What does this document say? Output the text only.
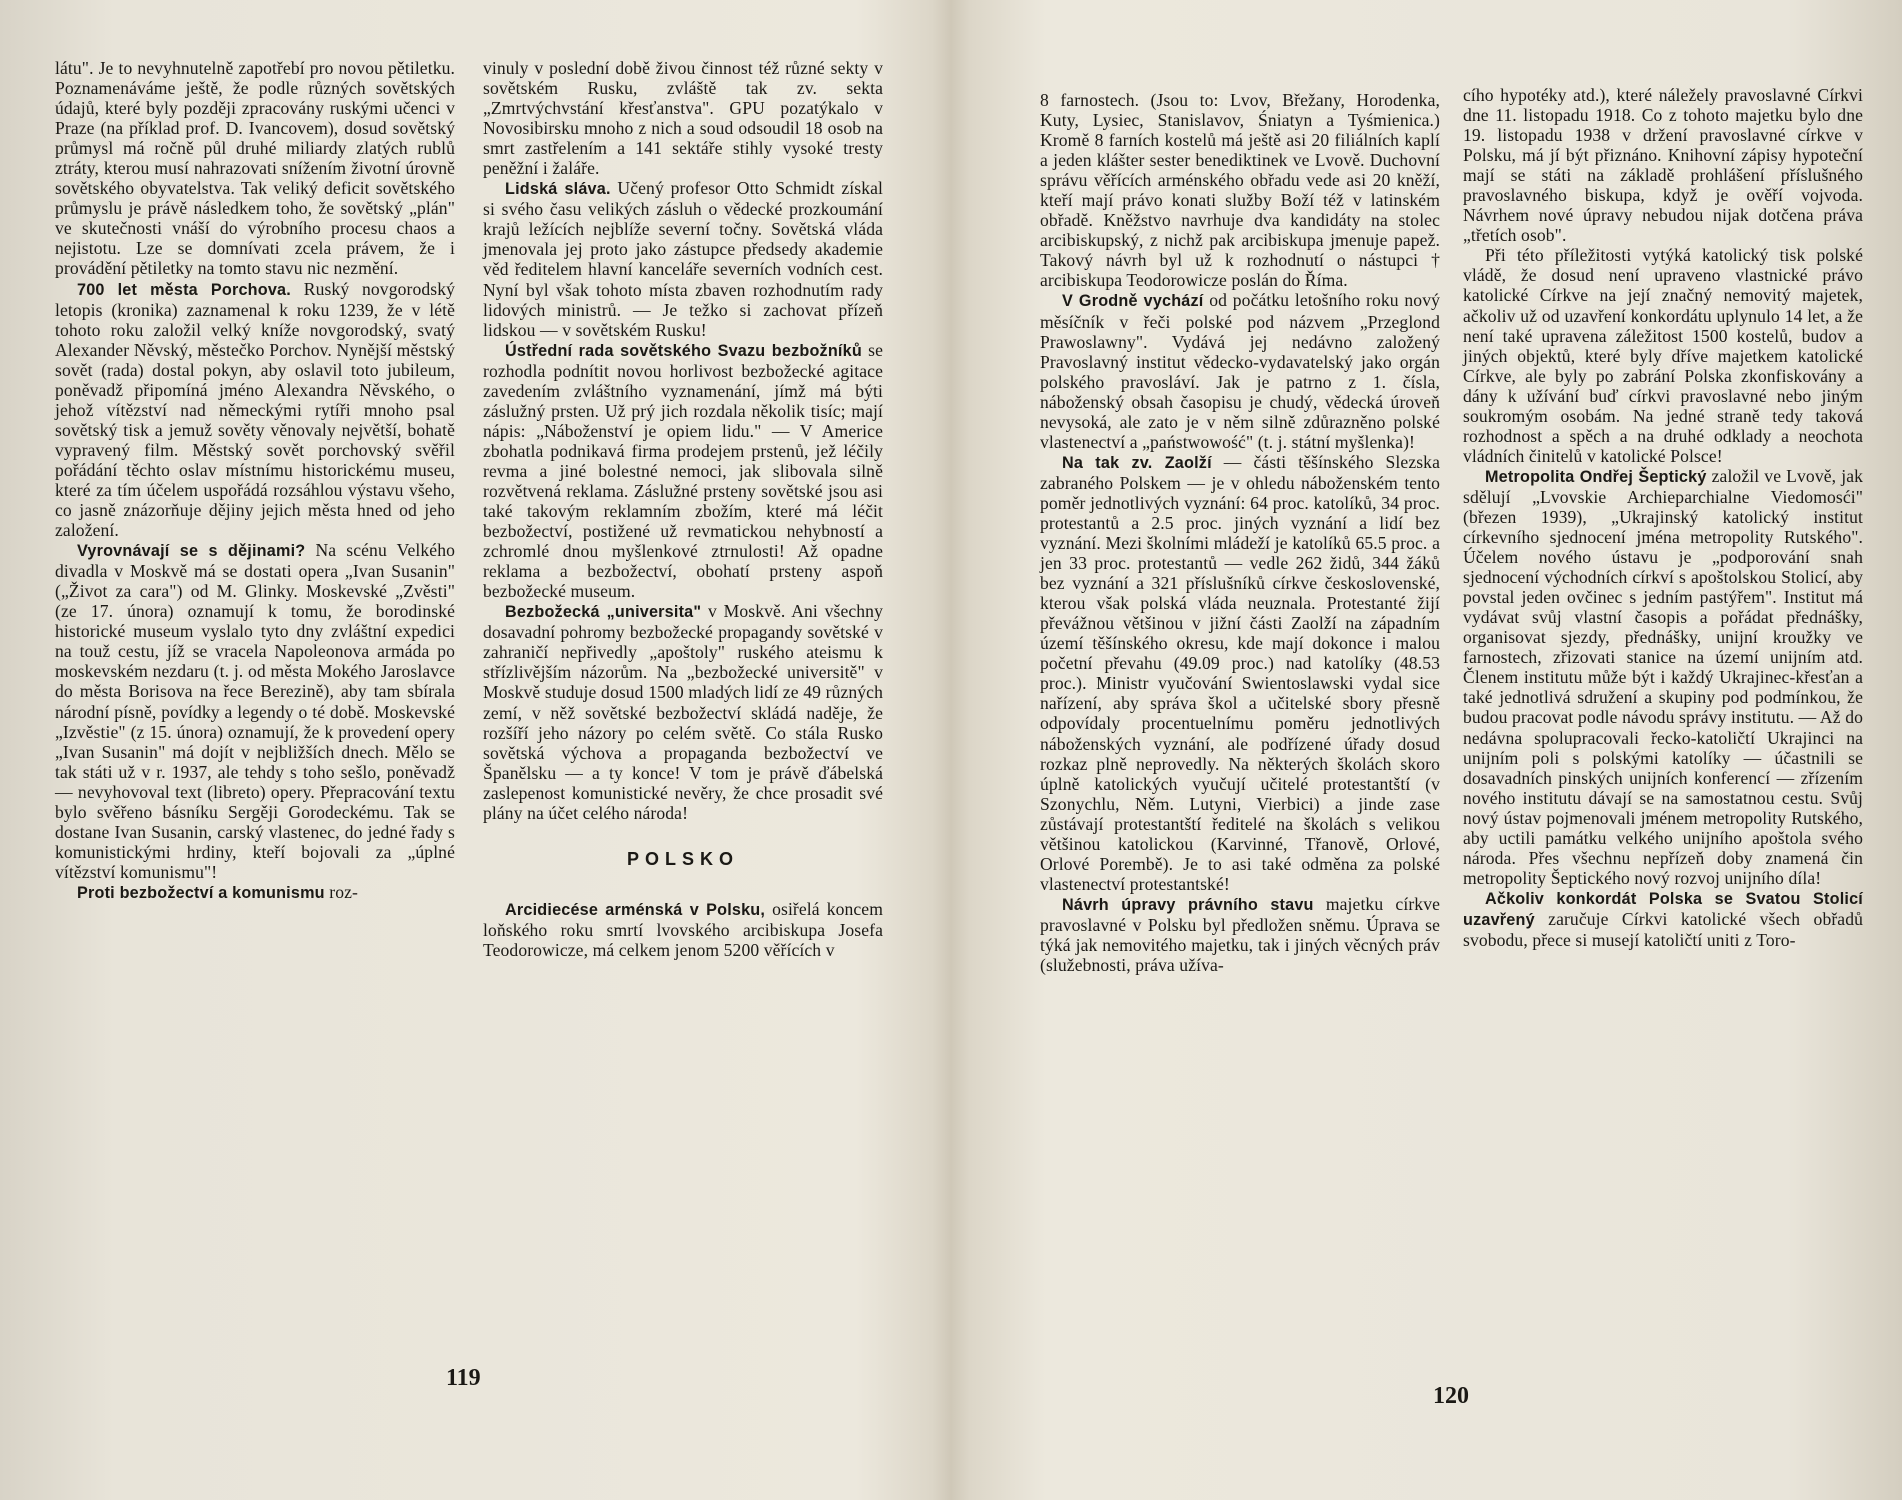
látu". Je to nevyhnutelně zapotřebí pro novou pětiletku. Poznamenáváme ještě, že podle různých sovětských údajů, které byly později zpracovány ruskými učenci v Praze (na příklad prof. D. Ivancovem), dosud sovětský průmysl má ročně půl druhé miliardy zlatých rublů ztráty, kterou musí nahrazovati snížením životní úrovně sovětského obyvatelstva. Tak veliký deficit sovětského průmyslu je právě následkem toho, že sovětský „plán" ve skutečnosti vnáší do výrobního procesu chaos a nejistotu. Lze se domnívati zcela právem, že i provádění pětiletky na tomto stavu nic nezmění.

700 let města Porchova. Ruský novgorodský letopis (kronika) zaznamenal k roku 1239, že v létě tohoto roku založil velký kníže novgorodský, svatý Alexander Něvský, městečko Porchov. Nynější městský sovět (rada) dostal pokyn, aby oslavil toto jubileum, poněvadž připomíná jméno Alexandra Něvského, o jehož vítězství nad německými rytíři mnoho psal sovětský tisk a jemuž sověty věnovaly největší, bohatě vypravený film. Městský sovět porchovský svěřil pořádání těchto oslav místnímu historickému museu, které za tím účelem uspořádá rozsáhlou výstavu všeho, co jasně znázorňuje dějiny jejich města hned od jeho založení.

Vyrovnávají se s dějinami? Na scénu Velkého divadla v Moskvě má se dostati opera „Ivan Susanin" („Život za cara") od M. Glinky. Moskevské „Zvěsti" (ze 17. února) oznamují k tomu, že borodinské historické museum vyslalo tyto dny zvláštní expedici na touž cestu, jíž se vracela Napoleonova armáda po moskevském nezdaru (t. j. od města Mokého Jaroslavce do města Borisova na řece Berezině), aby tam sbírala národní písně, povídky a legendy o té době. Moskevské „Izvěstie" (z 15. února) oznamují, že k provedení opery „Ivan Susanin" má dojít v nejbližších dnech. Mělo se tak státi už v r. 1937, ale tehdy s toho sešlo, poněvadž — nevyhovoval text (libreto) opery. Přepracování textu bylo svěřeno básníku Sergěji Gorodeckému. Tak se dostane Ivan Susanin, carský vlastenec, do jedné řady s komunistickými hrdiny, kteří bojovali za „úplné vítězství komunismu"!

Proti bezbožectví a komunismu roz-

vinuly v poslední době živou činnost též různé sekty v sovětském Rusku, zvláště tak zv. sekta „Zmrtvýchvstání křesťanstva". GPU pozatýkalo v Novosibirsku mnoho z nich a soud odsoudil 18 osob na smrt zastřelením a 141 sektáře stihly vysoké tresty peněžní i žaláře.

Lidská sláva. Učený profesor Otto Schmidt získal si svého času velikých zásluh o vědecké prozkoumání krajů ležících nejblíže severní točny. Sovětská vláda jmenovala jej proto jako zástupce předsedy akademie věd ředitelem hlavní kanceláře severních vodních cest. Nyní byl však tohoto místa zbaven rozhodnutím rady lidových ministrů. — Je težko si zachovat přízeň lidskou — v sovětském Rusku!

Ústřední rada sovětského Svazu bezbožníků se rozhodla podnítit novou horlivost bezbožecké agitace zavedením zvláštního vyznamenání, jímž má býti záslužný prsten. Už prý jich rozdala několik tisíc; mají nápis: „Náboženství je opiem lidu." — V Americe zbohatla podnikavá firma prodejem prstenů, jež léčily revma a jiné bolestné nemoci, jak slibovala silně rozvětvená reklama. Záslužné prsteny sovětské jsou asi také takovým reklamním zbožím, které má léčit bezbožectví, postižené už revmatickou nehybností a zchromlé dnou myšlenkové ztrnulosti! Až opadne reklama a bezbožectví, obohatí prsteny aspoň bezbožecké museum.

Bezbožecká „universita" v Moskvě. Ani všechny dosavadní pohromy bezbožecké propagandy sovětské v zahraničí nepřivedly „apoštoly" ruského ateismu k střízlivějším názorům. Na „bezbožecké universitě" v Moskvě studuje dosud 1500 mladých lidí ze 49 různých zemí, v něž sovětské bezbožectví skládá naděje, že rozšíří jeho názory po celém světě. Co stála Rusko sovětská výchova a propaganda bezbožectví ve Španělsku — a ty konce! V tom je právě ďábelská zaslepenost komunistické nevěry, že chce prosadit své plány na účet celého národa!

POLSKO

Arcidiecése arménská v Polsku, osiřelá koncem loňského roku smrtí lvovského arcibiskupa Josefa Teodorowicze, má celkem jenom 5200 věřících v

119

8 farnostech. (Jsou to: Lvov, Břežany, Horodenka, Kuty, Lysiec, Stanislavov, Śniatyn a Tyśmienica.) Kromě 8 farních kostelů má ještě asi 20 filiálních kaplí a jeden klášter sester benediktinek ve Lvově. Duchovní správu věřících arménského obřadu vede asi 20 kněží, kteří mají právo konati služby Boží též v latinském obřadě. Kněžstvo navrhuje dva kandidáty na stolec arcibiskupský, z nichž pak arcibiskupa jmenuje papež. Takový návrh byl už k rozhodnutí o nástupci † arcibiskupa Teodorowicze poslán do Říma.

V Grodně vychází od počátku letošního roku nový měsíčník v řeči polské pod názvem „Przeglond Prawoslawny". Vydává jej nedávno založený Pravoslavný institut vědecko-vydavatelský jako orgán polského pravosláví. Jak je patrno z 1. čísla, náboženský obsah časopisu je chudý, vědecká úroveň nevysoká, ale zato je v něm silně zdůrazněno polské vlastenectví a „państwowość" (t. j. státní myšlenka)!

Na tak zv. Zaolží — části těšínského Slezska zabraného Polskem — je v ohledu náboženském tento poměr jednotlivých vyznání: 64 proc. katolíků, 34 proc. protestantů a 2.5 proc. jiných vyznání a lidí bez vyznání. Mezi školními mládeží je katolíků 65.5 proc. a jen 33 proc. protestantů — vedle 262 židů, 344 žáků bez vyznání a 321 příslušníků církve československé, kterou však polská vláda neuznala. Protestanté žijí převážnou většinou v jižní části Zaolží na západním území těšínského okresu, kde mají dokonce i malou početní převahu (49.09 proc.) nad katolíky (48.53 proc.). Ministr vyučování Swientoslawski vydal sice nařízení, aby správa škol a učitelské sbory přesně odpovídaly procentuelnímu poměru jednotlivých náboženských vyznání, ale podřízené úřady dosud rozkaz plně neprovedly. Na některých školách skoro úplně katolických vyučují učitelé protestantští (v Szonychlu, Něm. Lutyni, Vierbici) a jinde zase zůstávají protestantští ředitelé na školách s velikou většinou katolickou (Karvinné, Třanově, Orlové, Orlové Porembě). Je to asi také odměna za polské vlastenectví protestantské!

Návrh úpravy právního stavu majetku církve pravoslavné v Polsku byl předložen sněmu. Úprava se týká jak nemovitého majetku, tak i jiných věcných práv (služebnosti, práva užíva-

cího hypotéky atd.), které náležely pravoslavné Církvi dne 11. listopadu 1918. Co z tohoto majetku bylo dne 19. listopadu 1938 v držení pravoslavné církve v Polsku, má jí být přiznáno. Knihovní zápisy hypoteční mají se státi na základě prohlášení příslušného pravoslavného biskupa, když je ověří vojvoda. Návrhem nové úpravy nebudou nijak dotčena práva „třetích osob".

Při této příležitosti vytýká katolický tisk polské vládě, že dosud není upraveno vlastnické právo katolické Církve na její značný nemovitý majetek, ačkoliv už od uzavření konkordátu uplynulo 14 let, a že není také upravena záležitost 1500 kostelů, budov a jiných objektů, které byly dříve majetkem katolické Církve, ale byly po zabrání Polska zkonfiskovány a dány k užívání buď církvi pravoslavné nebo jiným soukromým osobám. Na jedné straně tedy taková rozhodnost a spěch a na druhé odklady a neochota vládních činitelů v katolické Polsce!

Metropolita Ondřej Šeptický založil ve Lvově, jak sdělují „Lvovskie Archieparchialne Viedomosći" (březen 1939), „Ukrajinský katolický institut církevního sjednocení jména metropolity Rutského". Účelem nového ústavu je „podporování snah sjednocení východních církví s apoštolskou Stolicí, aby povstal jeden ovčinec s jedním pastýřem". Institut má vydávat svůj vlastní časopis a pořádat přednášky, organisovat sjezdy, přednášky, unijní kroužky ve farnostech, zřizovati stanice na území unijním atd. Členem institutu může být i každý Ukrajinec-křesťan a také jednotlivá sdružení a skupiny pod podmínkou, že budou pracovat podle návodu správy institutu. — Až do nedávna spolupracovali řecko-katoličtí Ukrajinci na unijním poli s polskými katolíky — účastnili se dosavadních pinských unijních konferencí — zřízením nového institutu dávají se na samostatnou cestu. Svůj nový ústav pojmenovali jménem metropolity Rutského, aby uctili památku velkého unijního apoštola svého národa. Přes všechnu nepřízeň doby znamená čin metropolity Šeptického nový rozvoj unijního díla!

Ačkoliv konkordát Polska se Svatou Stolicí uzavřený zaručuje Církvi katolické všech obřadů svobodu, přece si musejí katoličtí uniti z Toro-

120
